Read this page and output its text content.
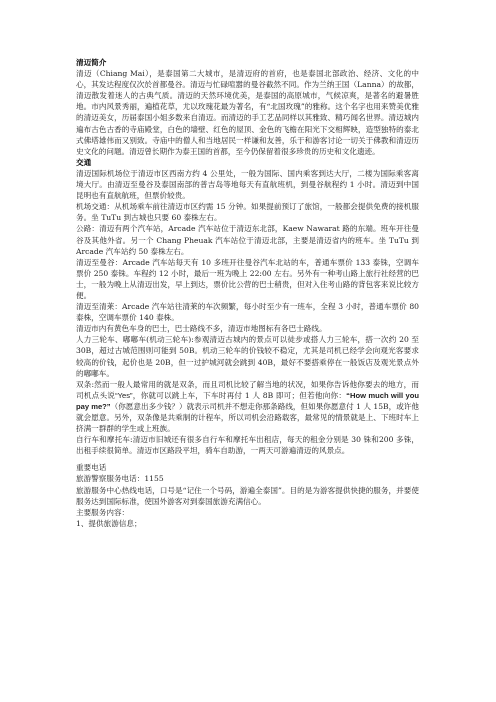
清迈简介

清迈（Chiang Mai），是泰国第二大城市，是清迈府的首府，也是泰国北部政治、经济、文化的中心，其发达程度仅次於首都曼谷。清迈与忙碌喧嚣的曼谷截然不同。作为兰纳王国（Lanna）的故都，清迈散发着迷人的古典气质。清迈的天然环境优美，是泰国的高原城市，气候凉爽，是著名的避暑胜地。市内风景秀丽，遍植花草，尤以玫瑰花最为著名，有“北国玫瑰”的雅称。这个名字也用来赞美优雅的清迈美女，历届泰国小姐多数来自清迈。而清迈的手工艺品同样以其雅致、精巧闻名世界。清迈城内遍布古色古香的寺庙殿堂，白色的墙壁、红色的屋顶、金色的飞檐在阳光下交相辉映，造型独特的泰北式佛塔雄伟而又别致。寺庙中的僧人和当地居民一样谦和友善，乐于和游客讨论一切关于佛教和清迈历史文化的问题。清迈曾长期作为泰王国的首都，至今仍保留着很多珍贵的历史和文化遗迹。

交通

清迈国际机场位于清迈市区西南方约 4 公里处，一般为国际、国内乘客到达大厅，二楼为国际乘客离境大厅。由清迈至曼谷及泰国南部的普吉岛等地每天有直航班机，到曼谷航程约 1 小时。清迈到中国昆明也有直航航班，但票价较贵。

机场交通：从机场乘车前往清迈市区约需 15 分钟。如果提前预订了旅馆，一般都会提供免费的接机服务。坐 TuTu 到古城也只要 60 泰株左右。

公路：清迈有两个汽车站，Arcade 汽车站位于清迈东北部，Kaew Nawarat 路的东端。班车开往曼谷及其他外省。另一个 Chang Pheuak 汽车站位于清迈北部，主要是清迈省内的班车。坐 TuTu 到 Arcade 汽车站约 50 泰株左右。

清迈至曼谷：Arcade 汽车站每天有 10 多班开往曼谷汽车北站的车，普通车票价 133 泰铢，空调车票价 250 泰铢。车程约 12 小时，最后一班为晚上 22:00 左右。另外有一种考山路上旅行社经营的巴士，一般为晚上从清迈出发，早上到达，票价比公营的巴士稍贵，但对入住考山路的背包客来说比较方便。

清迈至清莱：Arcade 汽车站往清莱的车次频繁，每小时至少有一班车，全程 3 小时，普通车票价 80 泰株，空调车票价 140 泰株。

清迈市内有黄色车身的巴士，巴士路线不多，清迈市地图标有各巴士路线。

人力三轮车、嘟嘟车(机动三轮车):参观清迈古城内的景点可以徒步或搭人力三轮车，搭一次约 20 至 30B，超过古城范围则可能到 50B。机动三轮车的价钱较不稳定，尤其是司机已经学会向观光客要求较高的价钱，起价也是 20B，但一过护城河就会跳到 40B，最好不要搭乘停在一般饭店及观光景点外的嘟嘟车。

双条:然而一般人最常用的就是双条，而且司机比较了解当地的状况，如果你告诉他你要去的地方，而司机点头说“Yes”，你就可以跳上车，下车时再付 1 人 8B 即可；但若他向你：“How much will you pay me?”（你愿意出多少钱？）就表示司机并不想走你那条路线，但如果你愿意付 1 人 15B，或许他就会愿意。另外，双条像是共乘制的计程车，所以司机会沿路载客，最常见的情景就是上、下班时车上挤满一群群的学生或上班族。

自行车和摩托车:清迈市旧城还有很多自行车和摩托车出租店，每天的租金分别是 30 铢和200 多铢，出租手续很简单。清迈市区路段平坦，骑车自助游，一两天可游遍清迈的风景点。

重要电话

旅游警察服务电话：1155

旅游服务中心热线电话，口号是“记住一个号码，游遍全泰国”。目的是为游客提供快捷的服务，并要使服务达到国际标准，使国外游客对到泰国旅游充满信心。

主要服务内容：

1、提供旅游信息；
